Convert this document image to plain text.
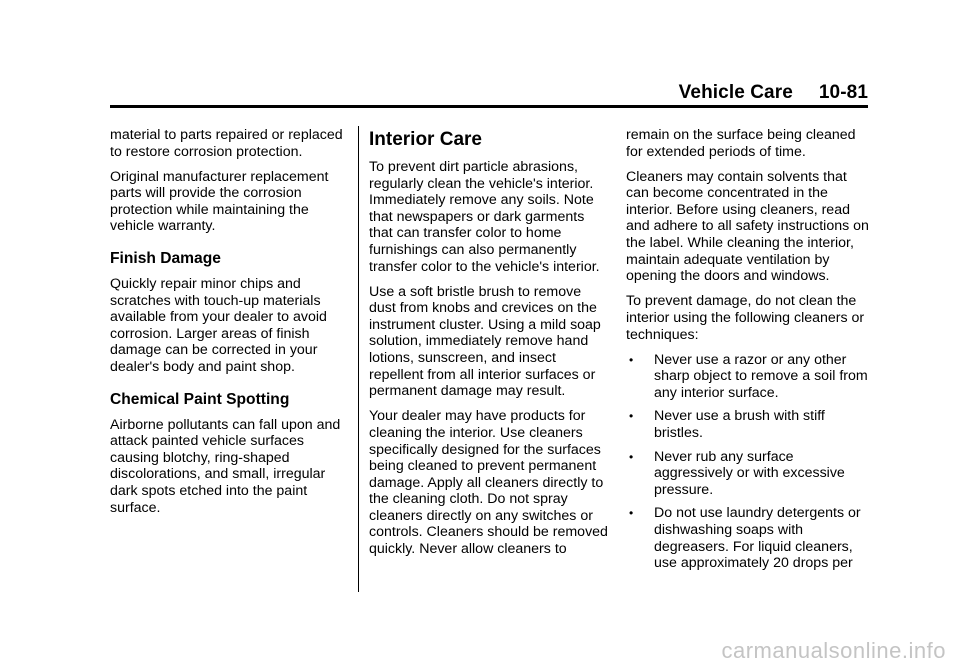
Vehicle Care 10-81

material to parts repaired or replaced to restore corrosion protection.

Original manufacturer replacement parts will provide the corrosion protection while maintaining the vehicle warranty.

Finish Damage

Quickly repair minor chips and scratches with touch-up materials available from your dealer to avoid corrosion. Larger areas of finish damage can be corrected in your dealer's body and paint shop.

Chemical Paint Spotting

Airborne pollutants can fall upon and attack painted vehicle surfaces causing blotchy, ring-shaped discolorations, and small, irregular dark spots etched into the paint surface.

Interior Care

To prevent dirt particle abrasions, regularly clean the vehicle's interior. Immediately remove any soils. Note that newspapers or dark garments that can transfer color to home furnishings can also permanently transfer color to the vehicle's interior.

Use a soft bristle brush to remove dust from knobs and crevices on the instrument cluster. Using a mild soap solution, immediately remove hand lotions, sunscreen, and insect repellent from all interior surfaces or permanent damage may result.

Your dealer may have products for cleaning the interior. Use cleaners specifically designed for the surfaces being cleaned to prevent permanent damage. Apply all cleaners directly to the cleaning cloth. Do not spray cleaners directly on any switches or controls. Cleaners should be removed quickly. Never allow cleaners to

remain on the surface being cleaned for extended periods of time.

Cleaners may contain solvents that can become concentrated in the interior. Before using cleaners, read and adhere to all safety instructions on the label. While cleaning the interior, maintain adequate ventilation by opening the doors and windows.

To prevent damage, do not clean the interior using the following cleaners or techniques:

• Never use a razor or any other sharp object to remove a soil from any interior surface.
• Never use a brush with stiff bristles.
• Never rub any surface aggressively or with excessive pressure.
• Do not use laundry detergents or dishwashing soaps with degreasers. For liquid cleaners, use approximately 20 drops per
carmanualsonline.info
